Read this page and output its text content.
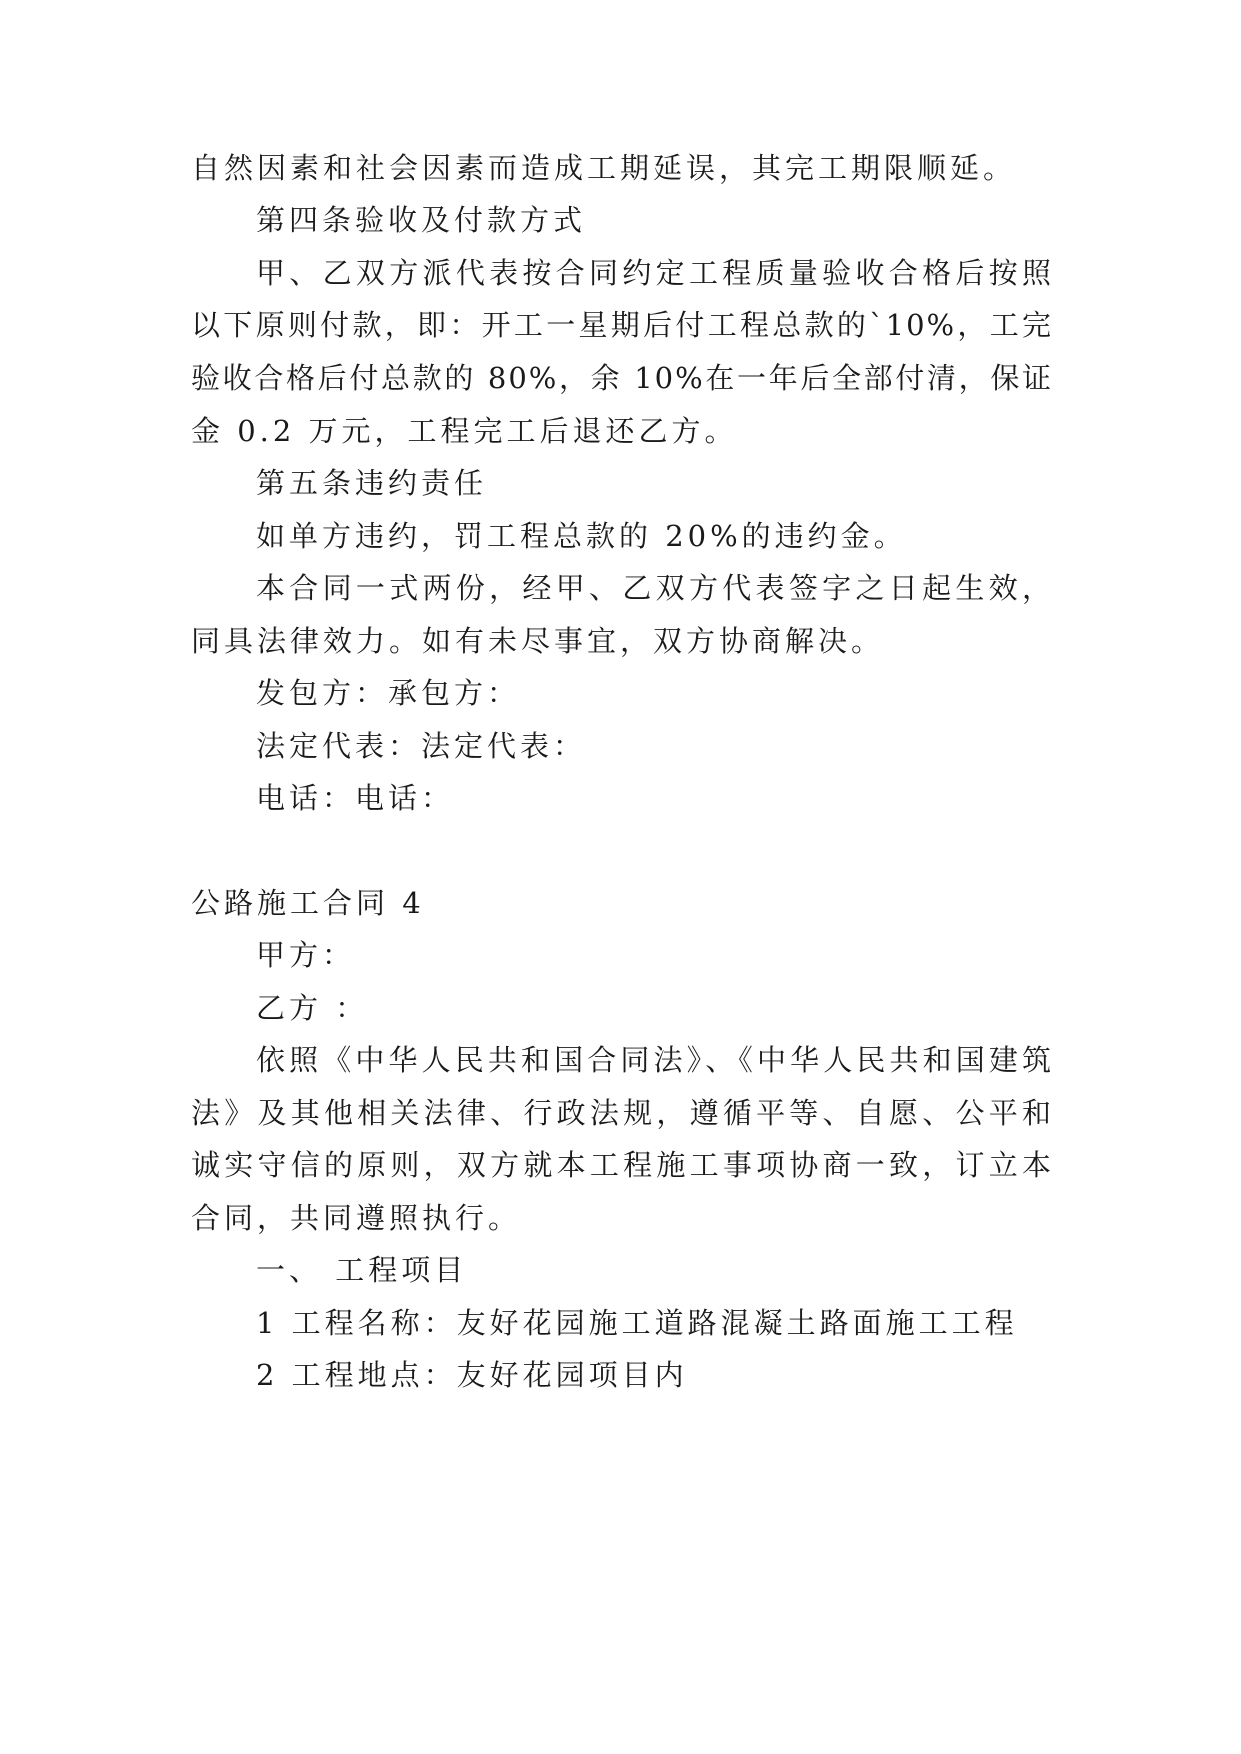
自然因素和社会因素而造成工期延误，其完工期限顺延。
第四条验收及付款方式
甲、乙双方派代表按合同约定工程质量验收合格后按照
以下原则付款，即：开工一星期后付工程总款的`10%，工完
验收合格后付总款的 80%，余 10%在一年后全部付清，保证
金 0.2 万元，工程完工后退还乙方。
第五条违约责任
如单方违约，罚工程总款的 20%的违约金。
本合同一式两份，经甲、乙双方代表签字之日起生效，
同具法律效力。如有未尽事宜，双方协商解决。
发包方：承包方：
法定代表：法定代表：
电话：电话：
公路施工合同 4
甲方：
乙方 ：
依照《中华人民共和国合同法》、《中华人民共和国建筑
法》及其他相关法律、行政法规，遵循平等、自愿、公平和
诚实守信的原则，双方就本工程施工事项协商一致，订立本
合同，共同遵照执行。
一、 工程项目
1 工程名称：友好花园施工道路混凝土路面施工工程
2 工程地点：友好花园项目内
